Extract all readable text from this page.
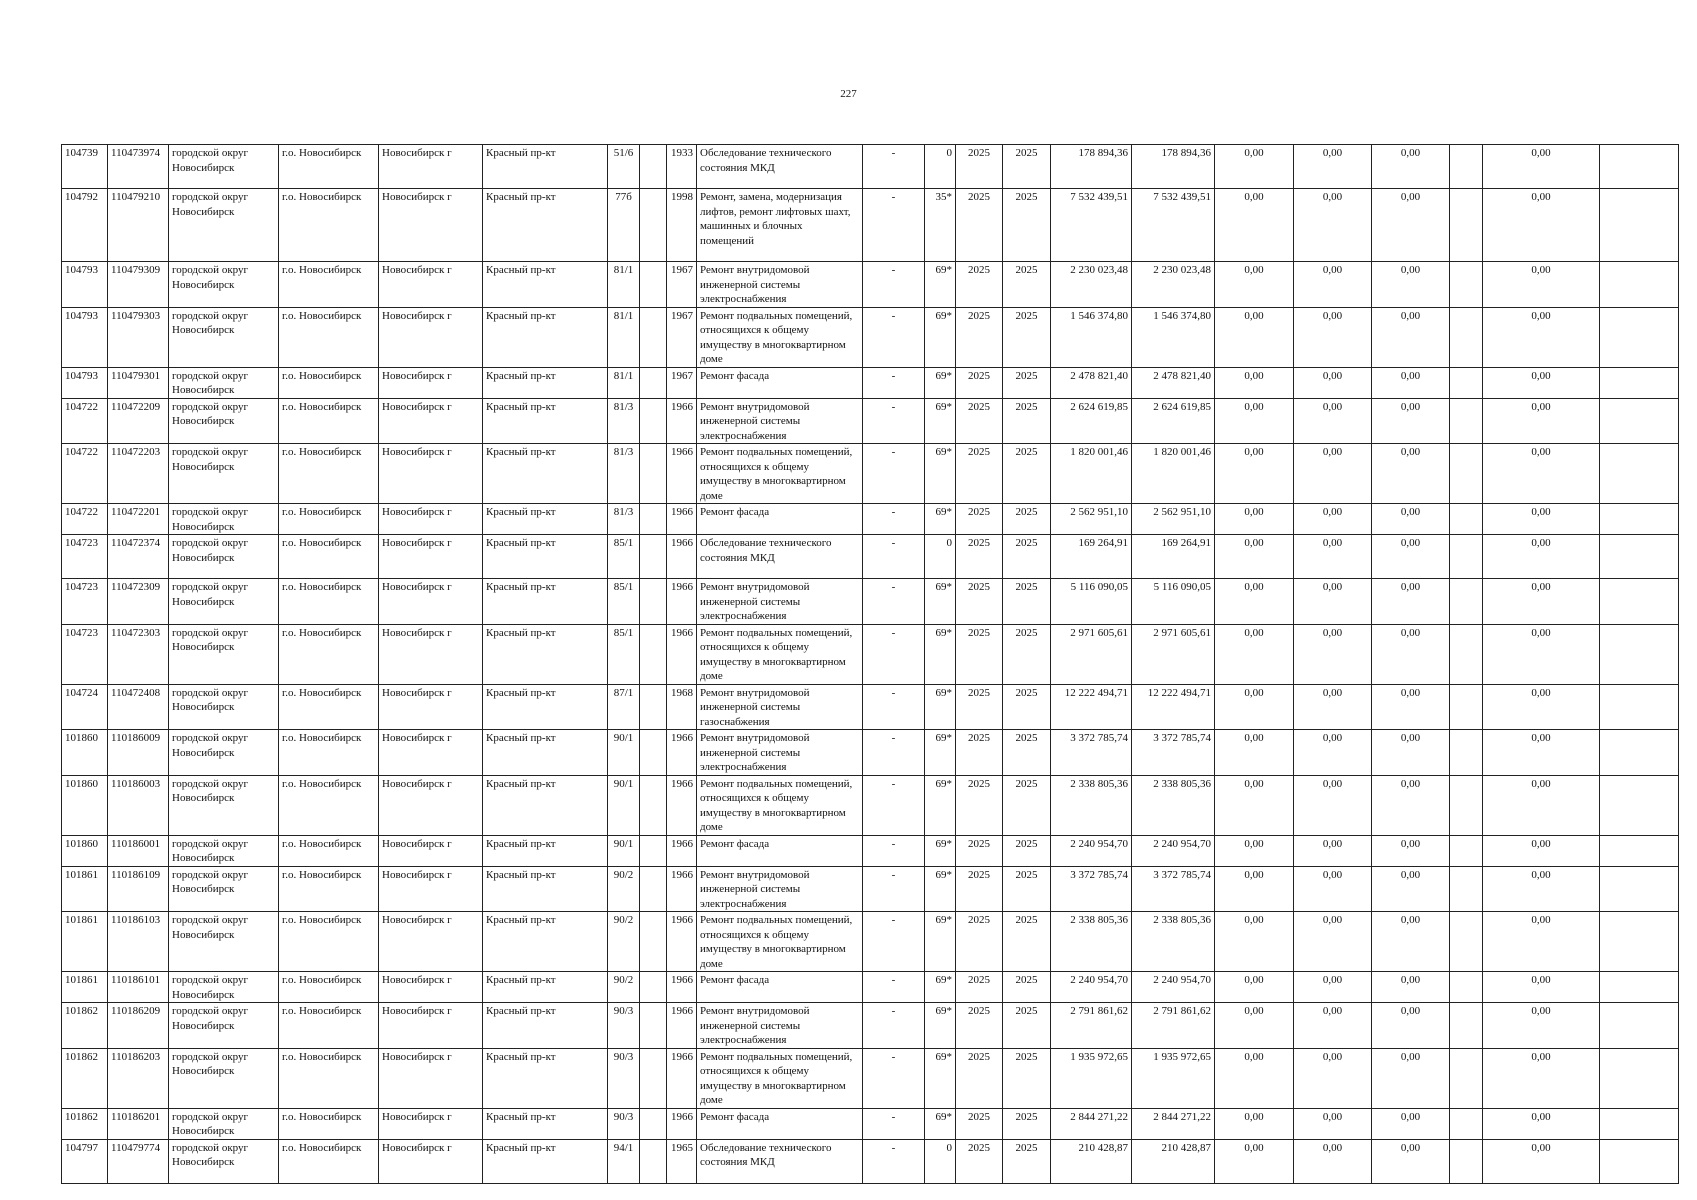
227
104739	110473974	городской округ Новосибирск	г.о. Новосибирск	Новосибирск г	Красный пр-кт	51/6		1933	Обследование технического состояния МКД	-	0	2025	2025	178 894,36	178 894,36	0,00	0,00	0,00		0,00	
104792	110479210	городской округ Новосибирск	г.о. Новосибирск	Новосибирск г	Красный пр-кт	77б		1998	Ремонт, замена, модернизация лифтов, ремонт лифтовых шахт, машинных и блочных помещений	-	35*	2025	2025	7 532 439,51	7 532 439,51	0,00	0,00	0,00		0,00	
104793	110479309	городской округ Новосибирск	г.о. Новосибирск	Новосибирск г	Красный пр-кт	81/1		1967	Ремонт внутридомовой инженерной системы электроснабжения	-	69*	2025	2025	2 230 023,48	2 230 023,48	0,00	0,00	0,00		0,00	
104793	110479303	городской округ Новосибирск	г.о. Новосибирск	Новосибирск г	Красный пр-кт	81/1		1967	Ремонт подвальных помещений, относящихся к общему имуществу в многоквартирном доме	-	69*	2025	2025	1 546 374,80	1 546 374,80	0,00	0,00	0,00		0,00	
104793	110479301	городской округ Новосибирск	г.о. Новосибирск	Новосибирск г	Красный пр-кт	81/1		1967	Ремонт фасада	-	69*	2025	2025	2 478 821,40	2 478 821,40	0,00	0,00	0,00		0,00	
104722	110472209	городской округ Новосибирск	г.о. Новосибирск	Новосибирск г	Красный пр-кт	81/3		1966	Ремонт внутридомовой инженерной системы электроснабжения	-	69*	2025	2025	2 624 619,85	2 624 619,85	0,00	0,00	0,00		0,00	
104722	110472203	городской округ Новосибирск	г.о. Новосибирск	Новосибирск г	Красный пр-кт	81/3		1966	Ремонт подвальных помещений, относящихся к общему имуществу в многоквартирном доме	-	69*	2025	2025	1 820 001,46	1 820 001,46	0,00	0,00	0,00		0,00	
104722	110472201	городской округ Новосибирск	г.о. Новосибирск	Новосибирск г	Красный пр-кт	81/3		1966	Ремонт фасада	-	69*	2025	2025	2 562 951,10	2 562 951,10	0,00	0,00	0,00		0,00	
104723	110472374	городской округ Новосибирск	г.о. Новосибирск	Новосибирск г	Красный пр-кт	85/1		1966	Обследование технического состояния МКД	-	0	2025	2025	169 264,91	169 264,91	0,00	0,00	0,00		0,00	
104723	110472309	городской округ Новосибирск	г.о. Новосибирск	Новосибирск г	Красный пр-кт	85/1		1966	Ремонт внутридомовой инженерной системы электроснабжения	-	69*	2025	2025	5 116 090,05	5 116 090,05	0,00	0,00	0,00		0,00	
104723	110472303	городской округ Новосибирск	г.о. Новосибирск	Новосибирск г	Красный пр-кт	85/1		1966	Ремонт подвальных помещений, относящихся к общему имуществу в многоквартирном доме	-	69*	2025	2025	2 971 605,61	2 971 605,61	0,00	0,00	0,00		0,00	
104724	110472408	городской округ Новосибирск	г.о. Новосибирск	Новосибирск г	Красный пр-кт	87/1		1968	Ремонт внутридомовой инженерной системы газоснабжения	-	69*	2025	2025	12 222 494,71	12 222 494,71	0,00	0,00	0,00		0,00	
101860	110186009	городской округ Новосибирск	г.о. Новосибирск	Новосибирск г	Красный пр-кт	90/1		1966	Ремонт внутридомовой инженерной системы электроснабжения	-	69*	2025	2025	3 372 785,74	3 372 785,74	0,00	0,00	0,00		0,00	
101860	110186003	городской округ Новосибирск	г.о. Новосибирск	Новосибирск г	Красный пр-кт	90/1		1966	Ремонт подвальных помещений, относящихся к общему имуществу в многоквартирном доме	-	69*	2025	2025	2 338 805,36	2 338 805,36	0,00	0,00	0,00		0,00	
101860	110186001	городской округ Новосибирск	г.о. Новосибирск	Новосибирск г	Красный пр-кт	90/1		1966	Ремонт фасада	-	69*	2025	2025	2 240 954,70	2 240 954,70	0,00	0,00	0,00		0,00	
101861	110186109	городской округ Новосибирск	г.о. Новосибирск	Новосибирск г	Красный пр-кт	90/2		1966	Ремонт внутридомовой инженерной системы электроснабжения	-	69*	2025	2025	3 372 785,74	3 372 785,74	0,00	0,00	0,00		0,00	
101861	110186103	городской округ Новосибирск	г.о. Новосибирск	Новосибирск г	Красный пр-кт	90/2		1966	Ремонт подвальных помещений, относящихся к общему имуществу в многоквартирном доме	-	69*	2025	2025	2 338 805,36	2 338 805,36	0,00	0,00	0,00		0,00	
101861	110186101	городской округ Новосибирск	г.о. Новосибирск	Новосибирск г	Красный пр-кт	90/2		1966	Ремонт фасада	-	69*	2025	2025	2 240 954,70	2 240 954,70	0,00	0,00	0,00		0,00	
101862	110186209	городской округ Новосибирск	г.о. Новосибирск	Новосибирск г	Красный пр-кт	90/3		1966	Ремонт внутридомовой инженерной системы электроснабжения	-	69*	2025	2025	2 791 861,62	2 791 861,62	0,00	0,00	0,00		0,00	
101862	110186203	городской округ Новосибирск	г.о. Новосибирск	Новосибирск г	Красный пр-кт	90/3		1966	Ремонт подвальных помещений, относящихся к общему имуществу в многоквартирном доме	-	69*	2025	2025	1 935 972,65	1 935 972,65	0,00	0,00	0,00		0,00	
101862	110186201	городской округ Новосибирск	г.о. Новосибирск	Новосибирск г	Красный пр-кт	90/3		1966	Ремонт фасада	-	69*	2025	2025	2 844 271,22	2 844 271,22	0,00	0,00	0,00		0,00	
104797	110479774	городской округ Новосибирск	г.о. Новосибирск	Новосибирск г	Красный пр-кт	94/1		1965	Обследование технического состояния МКД	-	0	2025	2025	210 428,87	210 428,87	0,00	0,00	0,00		0,00	
